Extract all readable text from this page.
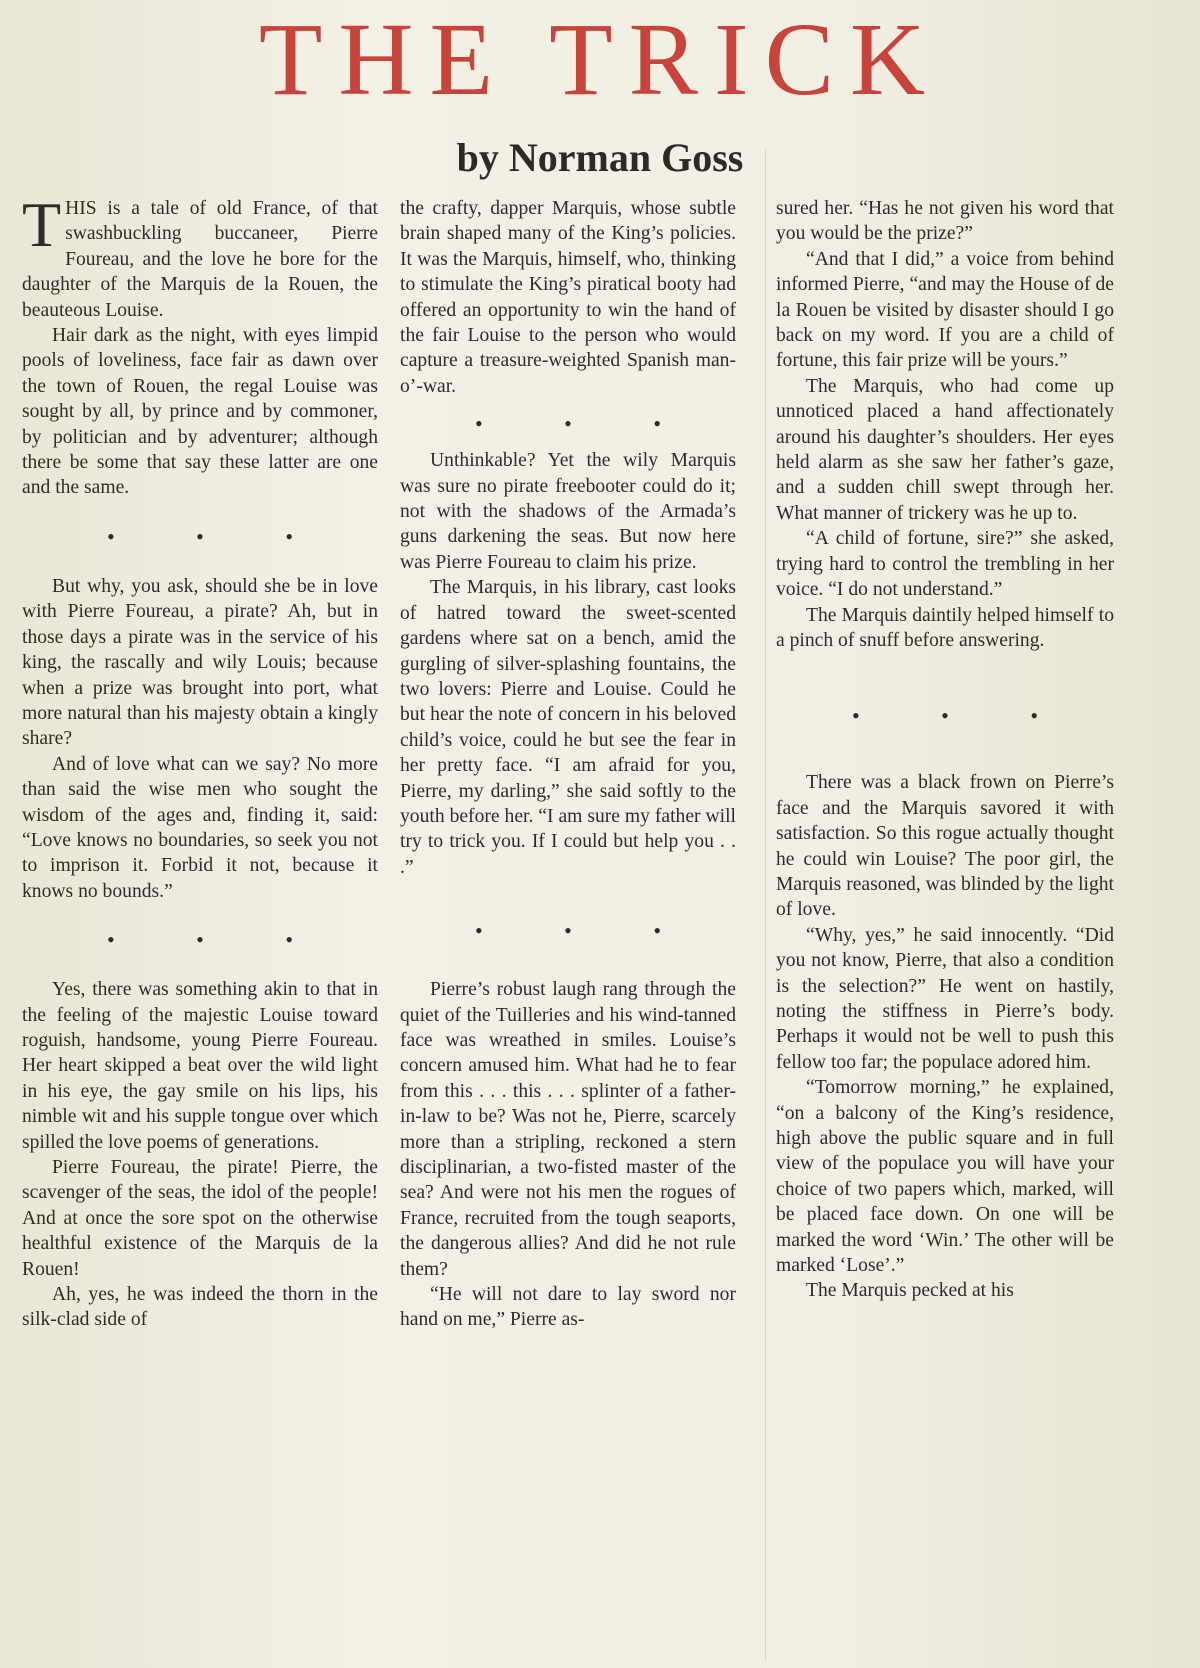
THE TRICK
by Norman Goss

THIS is a tale of old France, of that swashbuckling buccaneer, Pierre Foureau, and the love he bore for the daughter of the Marquis de la Rouen, the beauteous Louise.

Hair dark as the night, with eyes limpid pools of loveliness, face fair as dawn over the town of Rouen, the regal Louise was sought by all, by prince and by commoner, by politician and by adventurer; although there be some that say these latter are one and the same.

• • •

But why, you ask, should she be in love with Pierre Foureau, a pirate? Ah, but in those days a pirate was in the service of his king, the rascally and wily Louis; because when a prize was brought into port, what more natural than his majesty obtain a kingly share?

And of love what can we say? No more than said the wise men who sought the wisdom of the ages and, finding it, said: “Love knows no boundaries, so seek you not to imprison it. Forbid it not, because it knows no bounds.”

• • •

Yes, there was something akin to that in the feeling of the majestic Louise toward roguish, handsome, young Pierre Foureau. Her heart skipped a beat over the wild light in his eye, the gay smile on his lips, his nimble wit and his supple tongue over which spilled the love poems of generations.

Pierre Foureau, the pirate! Pierre, the scavenger of the seas, the idol of the people! And at once the sore spot on the otherwise healthful existence of the Marquis de la Rouen!

Ah, yes, he was indeed the thorn in the silk-clad side of

the crafty, dapper Marquis, whose subtle brain shaped many of the King’s policies. It was the Marquis, himself, who, thinking to stimulate the King’s piratical booty had offered an opportunity to win the hand of the fair Louise to the person who would capture a treasure-weighted Spanish man-o’-war.

• • •

Unthinkable? Yet the wily Marquis was sure no pirate freebooter could do it; not with the shadows of the Armada’s guns darkening the seas. But now here was Pierre Foureau to claim his prize.

The Marquis, in his library, cast looks of hatred toward the sweet-scented gardens where sat on a bench, amid the gurgling of silver-splashing fountains, the two lovers: Pierre and Louise. Could he but hear the note of concern in his beloved child’s voice, could he but see the fear in her pretty face. “I am afraid for you, Pierre, my darling,” she said softly to the youth before her. “I am sure my father will try to trick you. If I could but help you . . .”

• • •

Pierre’s robust laugh rang through the quiet of the Tuilleries and his wind-tanned face was wreathed in smiles. Louise’s concern amused him. What had he to fear from this . . . this . . . splinter of a father-in-law to be? Was not he, Pierre, scarcely more than a stripling, reckoned a stern disciplinarian, a two-fisted master of the sea? And were not his men the rogues of France, recruited from the tough seaports, the dangerous allies? And did he not rule them?

“He will not dare to lay sword nor hand on me,” Pierre as-

sured her. “Has he not given his word that you would be the prize?”

“And that I did,” a voice from behind informed Pierre, “and may the House of de la Rouen be visited by disaster should I go back on my word. If you are a child of fortune, this fair prize will be yours.”

The Marquis, who had come up unnoticed placed a hand affectionately around his daughter’s shoulders. Her eyes held alarm as she saw her father’s gaze, and a sudden chill swept through her. What manner of trickery was he up to.

“A child of fortune, sire?” she asked, trying hard to control the trembling in her voice. “I do not understand.”

The Marquis daintily helped himself to a pinch of snuff before answering.

• • •

There was a black frown on Pierre’s face and the Marquis savored it with satisfaction. So this rogue actually thought he could win Louise? The poor girl, the Marquis reasoned, was blinded by the light of love.

“Why, yes,” he said innocently. “Did you not know, Pierre, that also a condition is the selection?” He went on hastily, noting the stiffness in Pierre’s body. Perhaps it would not be well to push this fellow too far; the populace adored him.

“Tomorrow morning,” he explained, “on a balcony of the King’s residence, high above the public square and in full view of the populace you will have your choice of two papers which, marked, will be placed face down. On one will be marked the word ‘Win.’ The other will be marked ‘Lose’.”

The Marquis pecked at his
